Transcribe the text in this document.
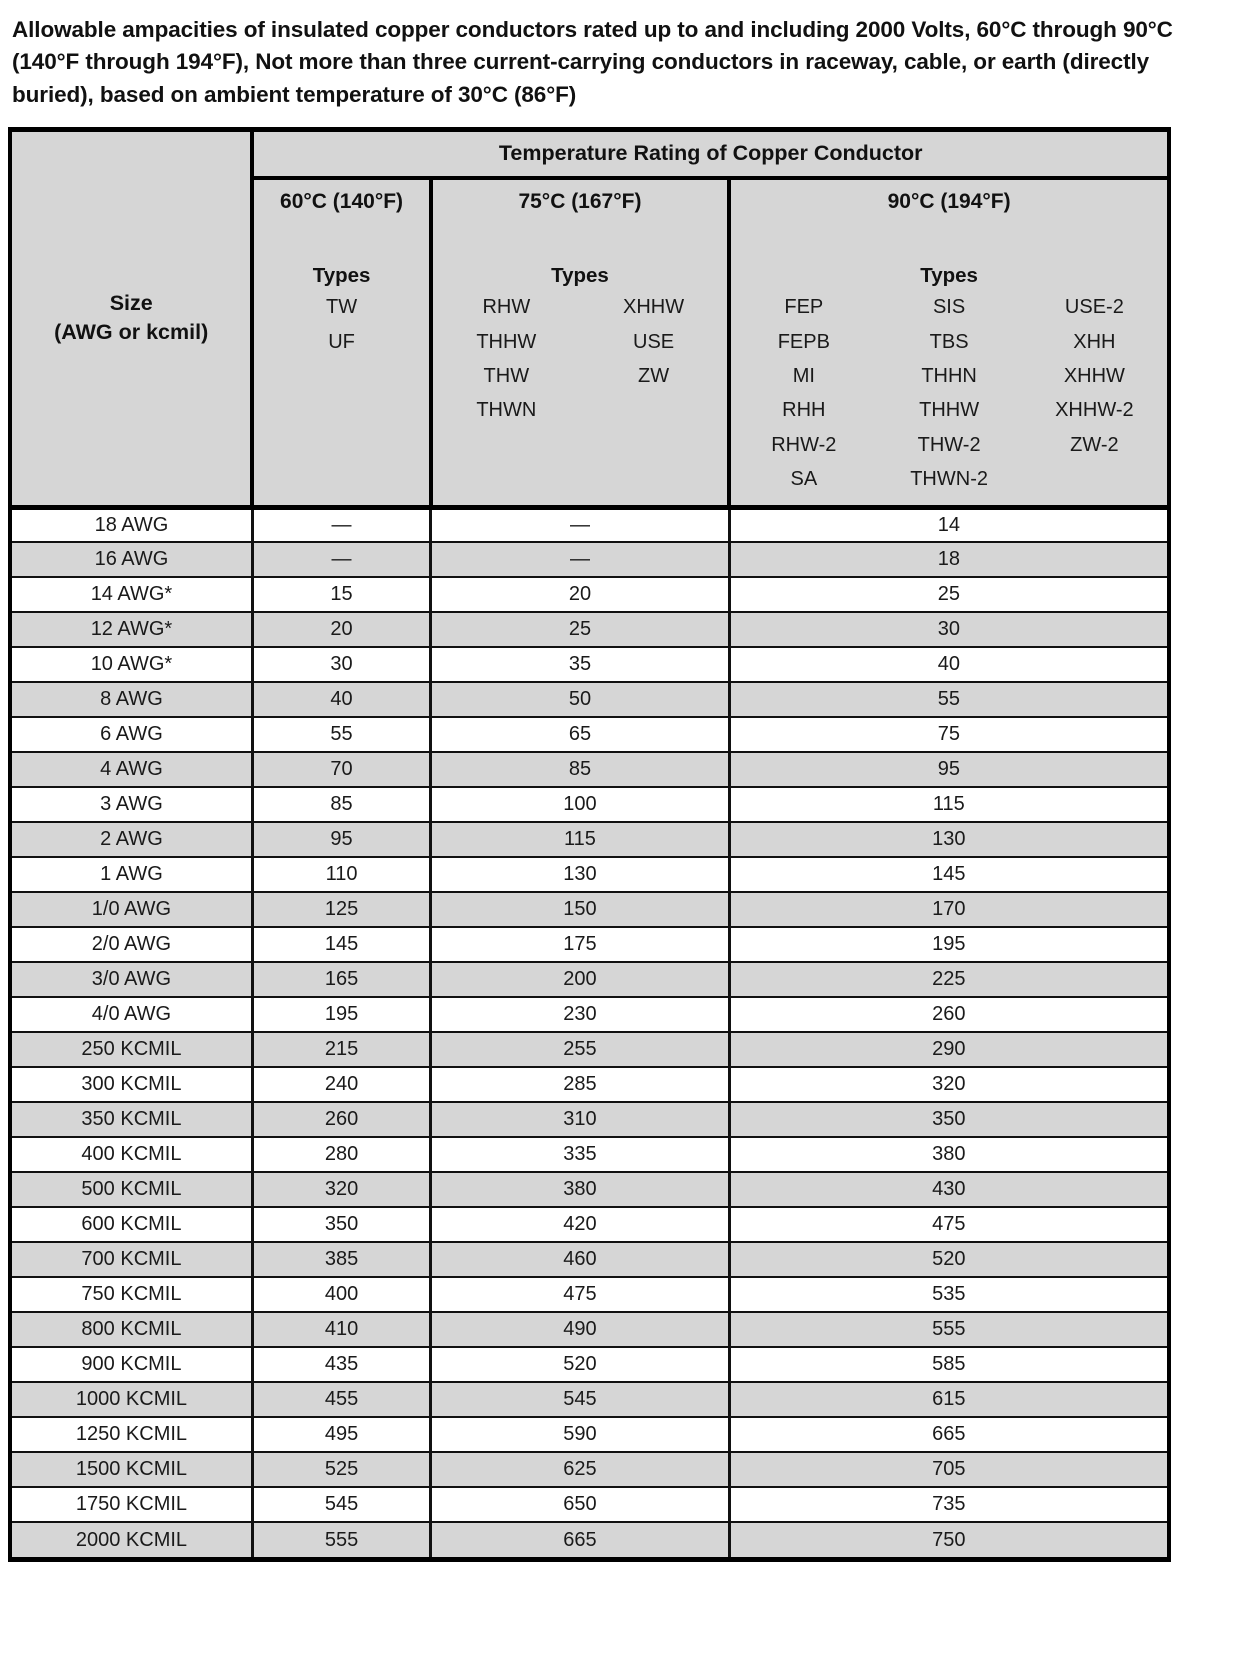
Allowable ampacities of insulated copper conductors rated up to and including 2000 Volts, 60°C through 90°C (140°F through 194°F), Not more than three current-carrying conductors in raceway, cable, or earth (directly buried), based on ambient temperature of 30°C (86°F)

Size
(AWG or kcmil)	Temperature Rating of Copper Conductor		

	60°C (140°F)	75°C (167°F)	90°C (194°F)

Types
TW
UF

Types
RHW	XHHW
THHW	USE
THW	ZW
THWN

Types
FEP	SIS	USE-2
FEPB	TBS	XHH
MI	THHN	XHHW
RHH	THHW	XHHW-2
RHW-2	THW-2	ZW-2
SA	THWN-2

18 AWG	—	—	14
16 AWG	—	—	18
14 AWG*	15	20	25
12 AWG*	20	25	30
10 AWG*	30	35	40
8 AWG	40	50	55
6 AWG	55	65	75
4 AWG	70	85	95
3 AWG	85	100	115
2 AWG	95	115	130
1 AWG	110	130	145
1/0 AWG	125	150	170
2/0 AWG	145	175	195
3/0 AWG	165	200	225
4/0 AWG	195	230	260
250 KCMIL	215	255	290
300 KCMIL	240	285	320
350 KCMIL	260	310	350
400 KCMIL	280	335	380
500 KCMIL	320	380	430
600 KCMIL	350	420	475
700 KCMIL	385	460	520
750 KCMIL	400	475	535
800 KCMIL	410	490	555
900 KCMIL	435	520	585
1000 KCMIL	455	545	615
1250 KCMIL	495	590	665
1500 KCMIL	525	625	705
1750 KCMIL	545	650	735
2000 KCMIL	555	665	750
